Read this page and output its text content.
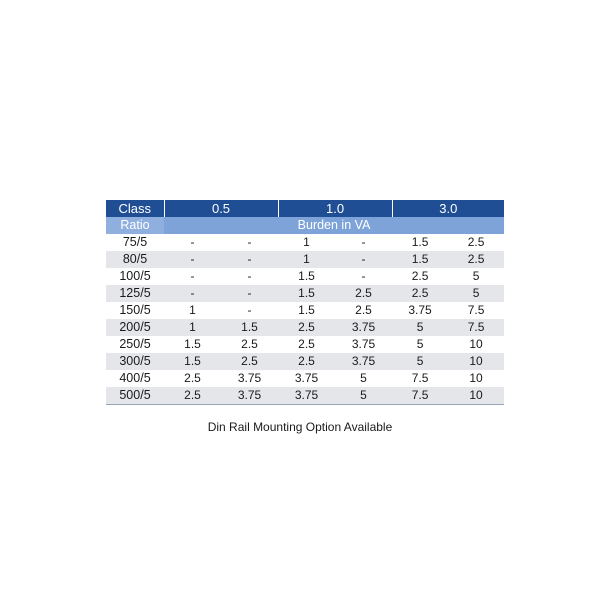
Class	0.5		1.0		3.0	
Ratio	Burden in VA					
75/5	-	-	1	-	1.5	2.5
80/5	-	-	1	-	1.5	2.5
100/5	-	-	1.5	-	2.5	5
125/5	-	-	1.5	2.5	2.5	5
150/5	1	-	1.5	2.5	3.75	7.5
200/5	1	1.5	2.5	3.75	5	7.5
250/5	1.5	2.5	2.5	3.75	5	10
300/5	1.5	2.5	2.5	3.75	5	10
400/5	2.5	3.75	3.75	5	7.5	10
500/5	2.5	3.75	3.75	5	7.5	10
Din Rail Mounting Option Available
